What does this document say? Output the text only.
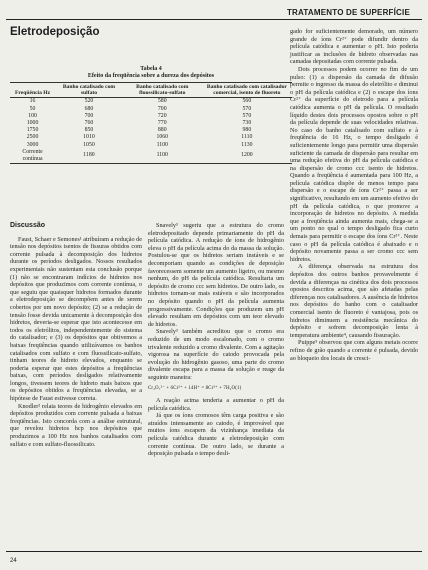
TRATAMENTO DE SUPERFÍCIE
Eletrodeposição
Tabela 4
Efeito da freqüência sobre a dureza dos depósitos
Freqüência Hz	Banho catalisado com sulfato	Banho catalisado com fluossilicato-sulfato	Banho catalisado com catalisador comercial, isento de fluoreto
16	520	580	560
50	680	700	570
100	700	720	570
1000	760	770	730
1750	850	880	980
2500	1010	1060	1110
3000	1050	1100	1130
Corrente contínua	1180	1100	1200
Discussão

Faust, Schaer e Semones¹ atribuíram a redução de tensão nos depósitos isentos de fissuras obtidos com corrente pulsada à decomposição dos hidretos durante os períodos desligados. Nossos resultados experimentais não sustentam esta conclusão porque (1) não se encontraram indícios de hidretos nos depósitos que produzimos com corrente contínua, o que seguiu que quaisquer hidretos formados durante a eletrodeposição se decompõem antes de serem cobertos por um novo depósito; (2) se a redução de tensão fosse devida unicamente à decomposição dos hidretos, deveria-se esperar que isto acontecesse em todos os eletrólitos, independentemente do sistema do catalisador; e (3) os depósitos que obtivemos a baixas freqüências quando utilizávamos os banhos catalisados com sulfato e com fluossilicato-sulfato, tinham teores de hidreto elevados, enquanto se poderia esperar que estes depósitos a freqüências baixas, com períodos desligados relativamente longos, tivessem teores de hidreto mais baixos que os depósitos obtidos a freqüências elevadas, se a hipótese de Faust estivesse correta.

Knodler² relata teores de hidrogênio elevados em depósitos produzidos com corrente pulsada a baixas freqüências. Isto concorda com a análise estrutural, que revelou hidretos hcp nos depósitos que produzimos a 100 Hz nos banhos catalisados com sulfato e com sulfato-fluossilicato.

Snavely³ sugeriu que a estrutura do cromo eletrodepositado depende primariamente do pH da película catódica. A redução de íons de hidrogênio eleva o pH da película acima do da massa da solução. Postulou-se que os hidretos seriam instáveis e se decomporiam quando as condições de deposição favorecessem somente um aumento ligeiro, ou mesmo nenhum, do pH da película catódica. Resultaria um depósito de cromo ccc sem hidretos. De outro lado, os hidretos tornam-se mais estáveis e são incorporados no depósito quando o pH da película aumenta progressivamente. Condições que produzem um pH elevado resultam em depósitos com um teor elevado de hidretos.

Snavely³ também acreditou que o cromo era reduzido de um modo escalonado, com o cromo trivalente reduzido a cromo divalente. Com a agitação vigorosa na superfície do catodo provocada pela evolução do hidrogênio gasoso, uma parte do cromo divalente escapa para a massa da solução e reage da seguinte maneira:

Cr₂O₇²⁻ + 6Cr²⁺ + 14H⁺ = 8Cr³⁺ + 7H₂O(1)

A reação acima tenderia a aumentar o pH da película catódica.

Já que os íons cromosos têm carga positiva e são atraídos intensamente ao catodo, é improvável que muitos íons escapem da vizinhança imediata da película catódica durante a eletrodeposição com corrente contínua. De outro lado, se durante a deposição pulsada o tempo desli-

gado for suficientemente demorado, um número grande de íons Cr²⁺ pode difundir dentro da película catódica e aumentar o pH. Isto poderia justificar as inclusões de hidreto observadas nas camadas depositadas com corrente pulsada.

Dois processos podem ocorrer no fim de um pulso: (1) a dispersão da camada de difusão permite o ingresso da massa do eletrólito e diminui o pH da película catódica e (2) o escape dos íons Cr²⁺ da superfície do eletrodo para a película catódica aumenta o pH da película. O resultado líquido destes dois processos opostos sobre o pH da película depende de suas velocidades relativas. No caso do banho catalisado com sulfato e à freqüência de 16 Hz, o tempo desligado é suficientemente longo para permitir uma dispersão suficiente da camada de dispersão para resultar em uma redução efetiva do pH da película catódica e na dispersão de cromo ccc isento de hidretos. Quando a freqüência é aumentada para 100 Hz, a película catódica dispõe de menos tempo para dispersão e o escape de íons Cr²⁺ passa a ser significativo, resultando em um aumento efetivo do pH da película catódica, o que promove a incorporação de hidretos no depósito. A medida que a freqüência ainda aumenta mais, chega-se a um ponto no qual o tempo desligado fica curto demais para permitir o escape dos íons Cr²⁺. Neste caso o pH da película catódica é abaixado e o depósito novamente passa a ser cromo ccc sem hidretos.

A diferença observada na estrutura dos depósitos dos outros banhos provavelmente é devida a diferenças na cinética dos dois processos opostos descritos acima, que são afetadas pelas diferenças nos catalisadores. A ausência de hidretos nos depósitos do banho com o catalisador comercial isento de fluoreto é vantajosa, pois os hidretos diminuem a resistência mecânica do depósito e sofrem decomposição lenta à temperatura ambiente⁴, causando fissuração.

Puippe⁵ observou que com alguns metais ocorre refino de grão quando a corrente é pulsada, devido ao bloqueio dos locais de cresci-

24
